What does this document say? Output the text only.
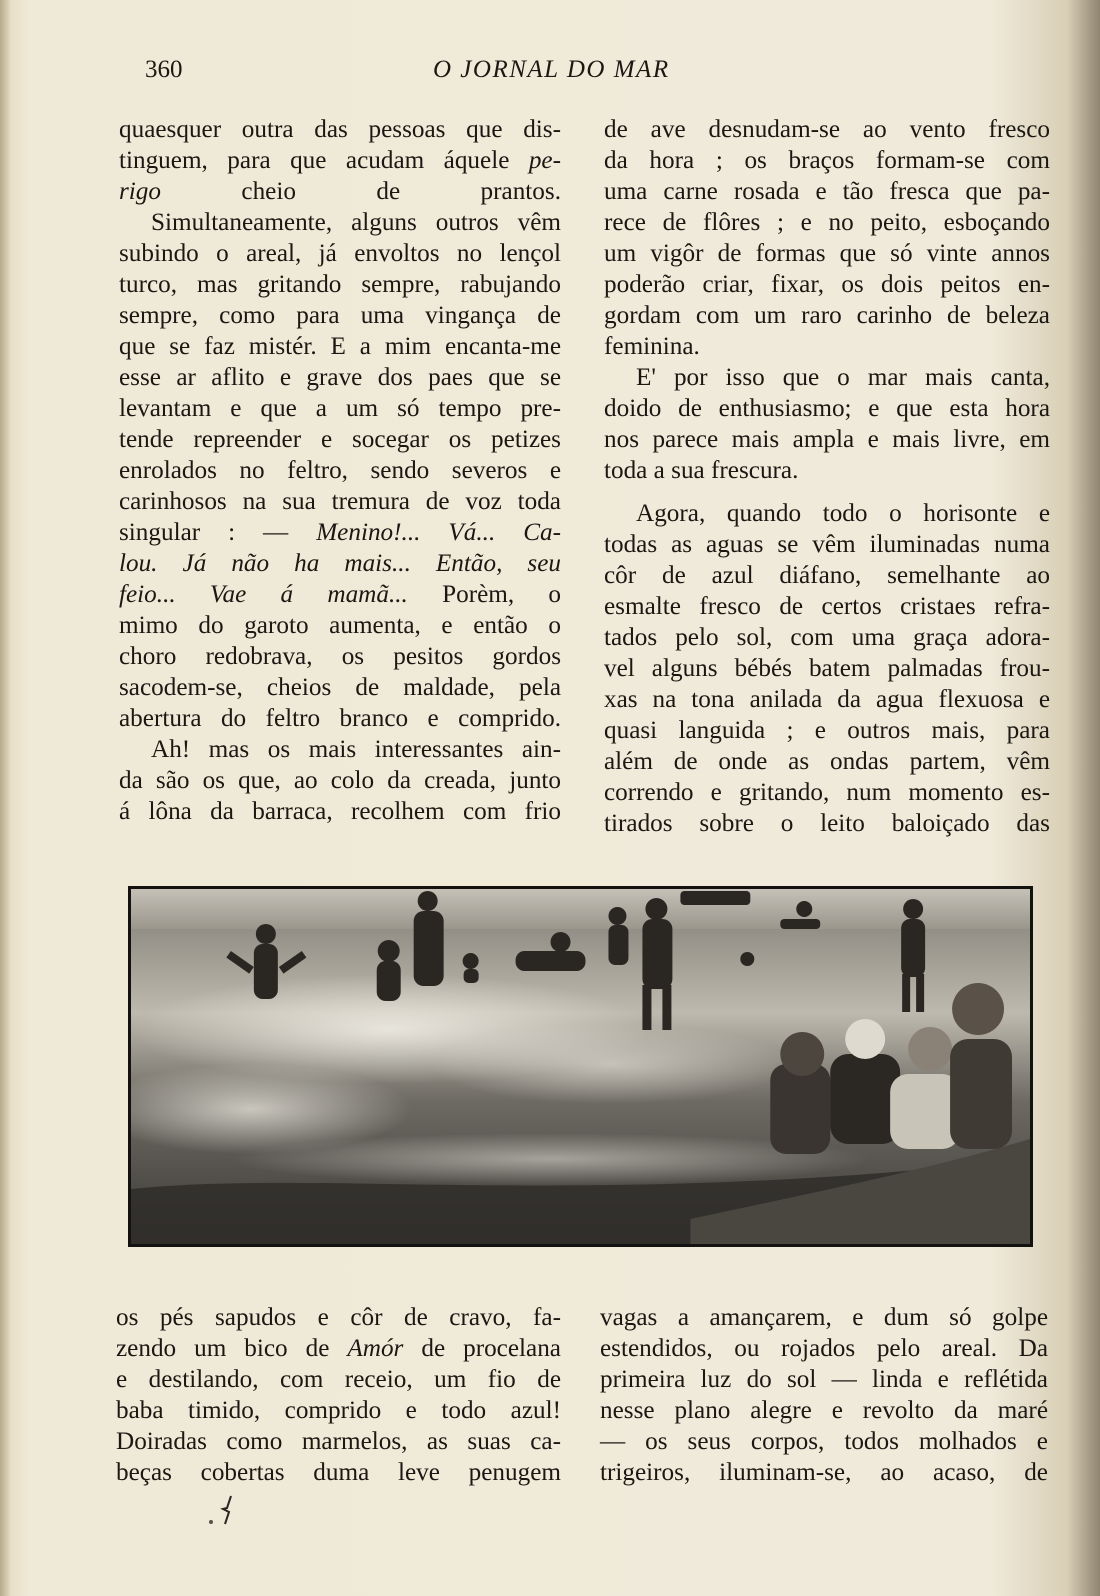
360	O JORNAL DO MAR
quaesquer outra das pessoas que dis-
tinguem, para que acudam áquele pe-
rigo cheio de prantos.
Simultaneamente, alguns outros vêm
subindo o areal, já envoltos no lençol
turco, mas gritando sempre, rabujando
sempre, como para uma vingança de
que se faz mistér. E a mim encanta-me
esse ar aflito e grave dos paes que se
levantam e que a um só tempo pre-
tende repreender e socegar os petizes
enrolados no feltro, sendo severos e
carinhosos na sua tremura de voz toda
singular : — Menino!... Vá... Ca-
lou. Já não ha mais... Então, seu
feio... Vae á mamã... Porèm, o
mimo do garoto aumenta, e então o
choro redobrava, os pesitos gordos
sacodem-se, cheios de maldade, pela
abertura do feltro branco e comprido.
Ah! mas os mais interessantes ain-
da são os que, ao colo da creada, junto
á lôna da barraca, recolhem com frio
de ave desnudam-se ao vento fresco
da hora ; os braços formam-se com
uma carne rosada e tão fresca que pa-
rece de flôres ; e no peito, esboçando
um vigôr de formas que só vinte annos
poderão criar, fixar, os dois peitos en-
gordam com um raro carinho de beleza
feminina.
E' por isso que o mar mais canta,
doido de enthusiasmo; e que esta hora
nos parece mais ampla e mais livre, em
toda a sua frescura.
Agora, quando todo o horisonte e
todas as aguas se vêm iluminadas numa
côr de azul diáfano, semelhante ao
esmalte fresco de certos cristaes refra-
tados pelo sol, com uma graça adora-
vel alguns bébés batem palmadas frou-
xas na tona anilada da agua flexuosa e
quasi languida ; e outros mais, para
além de onde as ondas partem, vêm
correndo e gritando, num momento es-
tirados sobre o leito baloiçado das
os pés sapudos e côr de cravo, fa-
zendo um bico de Amór de procelana
e destilando, com receio, um fio de
baba timido, comprido e todo azul!
Doiradas como marmelos, as suas ca-
beças cobertas duma leve penugem
vagas a amançarem, e dum só golpe
estendidos, ou rojados pelo areal. Da
primeira luz do sol — linda e reflétida
nesse plano alegre e revolto da maré
— os seus corpos, todos molhados e
trigeiros, iluminam-se, ao acaso, de
